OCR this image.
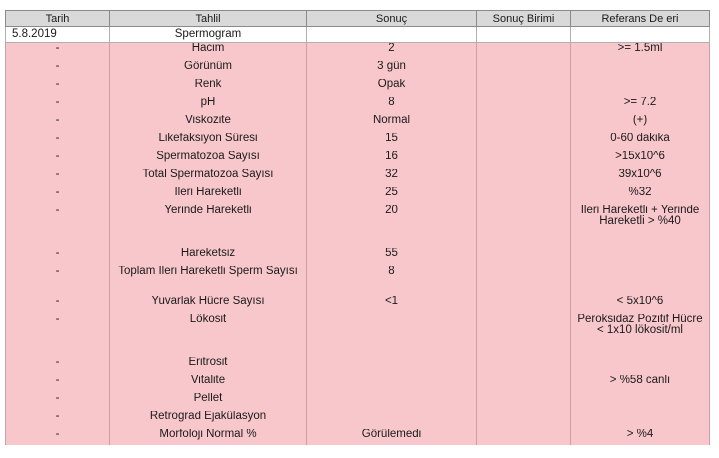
Tarih	Tahlil	Sonuç	Sonuç Birimi	Referans De eri
5.8.2019	Spermogram			
-	Hacim	2		>= 1.5ml
-	Görünüm	3 gün		
-	Renk	Opak		
-	pH	8		>= 7.2
-	Viskozite	Normal		(+)
-	Likefaksiyon Süresi	15		0-60 dakika
-	Spermatozoa Sayısı	16		>15x10^6
-	Total Spermatozoa Sayısı	32		39x10^6
-	Ileri Hareketli	25		%32
-	Yerinde Hareketli	20		Ileri Hareketli + Yerinde Hareketli > %40
-	Hareketsiz	55		
-	Toplam Ileri Hareketli Sperm Sayısı	8		
-	Yuvarlak Hücre Sayısı	<1		< 5x10^6
-	Lökosit			Peroksidaz Pozitif Hücre < 1x10 lökosit/ml
-	Eritrosit			
-	Vitalite			> %58 canlı
-	Pellet			
-	Retrograd Ejakülasyon			
-	Morfoloji Normal %	Görülemedi		> %4
